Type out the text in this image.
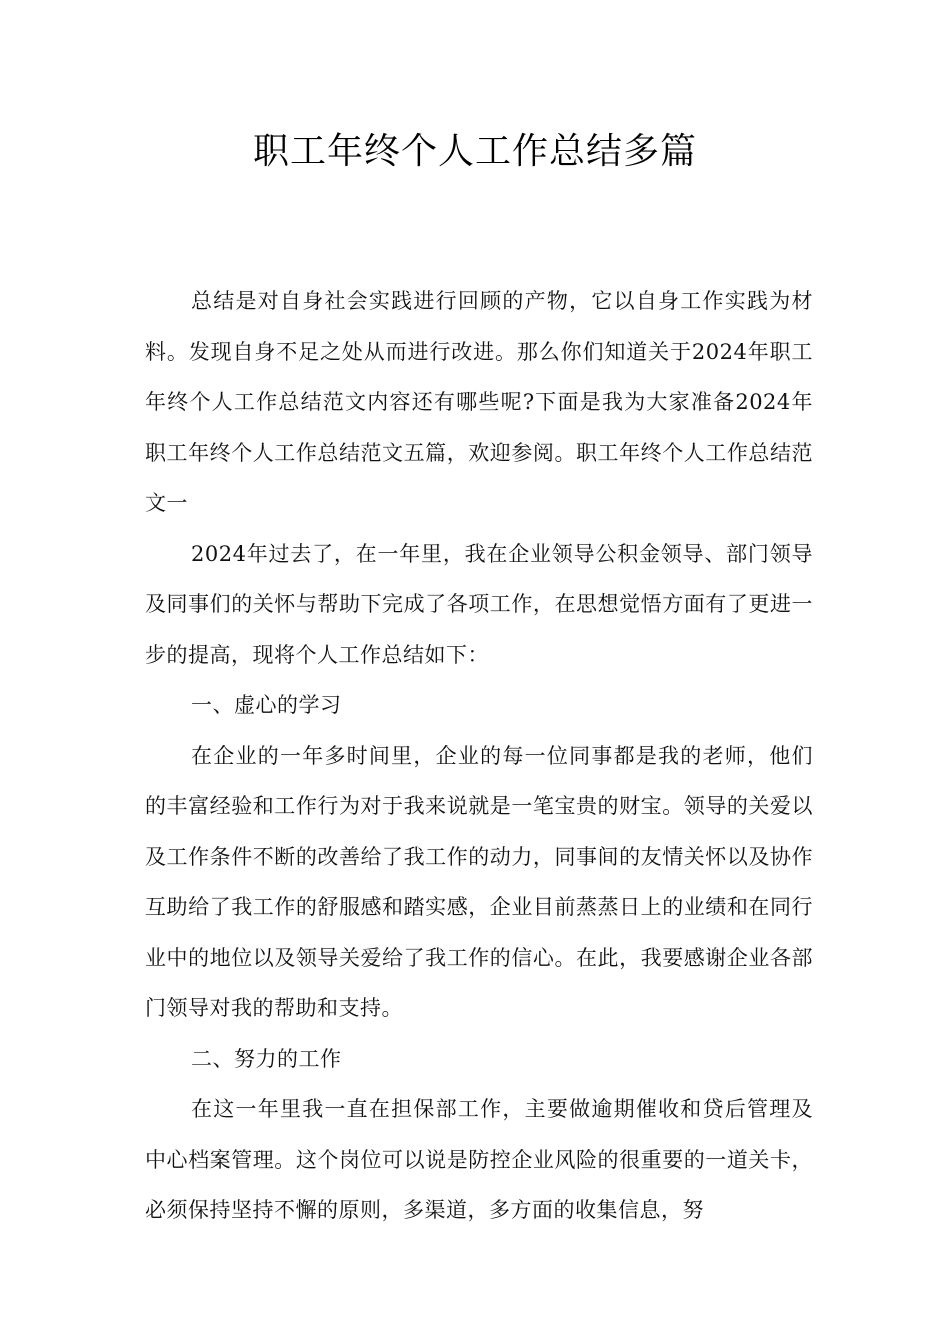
职工年终个人工作总结多篇

总结是对自身社会实践进行回顾的产物，它以自身工作实践为材料。发现自身不足之处从而进行改进。那么你们知道关于2024年职工年终个人工作总结范文内容还有哪些呢?下面是我为大家准备2024年职工年终个人工作总结范文五篇，欢迎参阅。职工年终个人工作总结范文一

2024年过去了，在一年里，我在企业领导公积金领导、部门领导及同事们的关怀与帮助下完成了各项工作，在思想觉悟方面有了更进一步的提高，现将个人工作总结如下：

一、虚心的学习

在企业的一年多时间里，企业的每一位同事都是我的老师，他们的丰富经验和工作行为对于我来说就是一笔宝贵的财宝。领导的关爱以及工作条件不断的改善给了我工作的动力，同事间的友情关怀以及协作互助给了我工作的舒服感和踏实感，企业目前蒸蒸日上的业绩和在同行业中的地位以及领导关爱给了我工作的信心。在此，我要感谢企业各部门领导对我的帮助和支持。

二、努力的工作

在这一年里我一直在担保部工作，主要做逾期催收和贷后管理及中心档案管理。这个岗位可以说是防控企业风险的很重要的一道关卡，必须保持坚持不懈的原则，多渠道，多方面的收集信息，努
